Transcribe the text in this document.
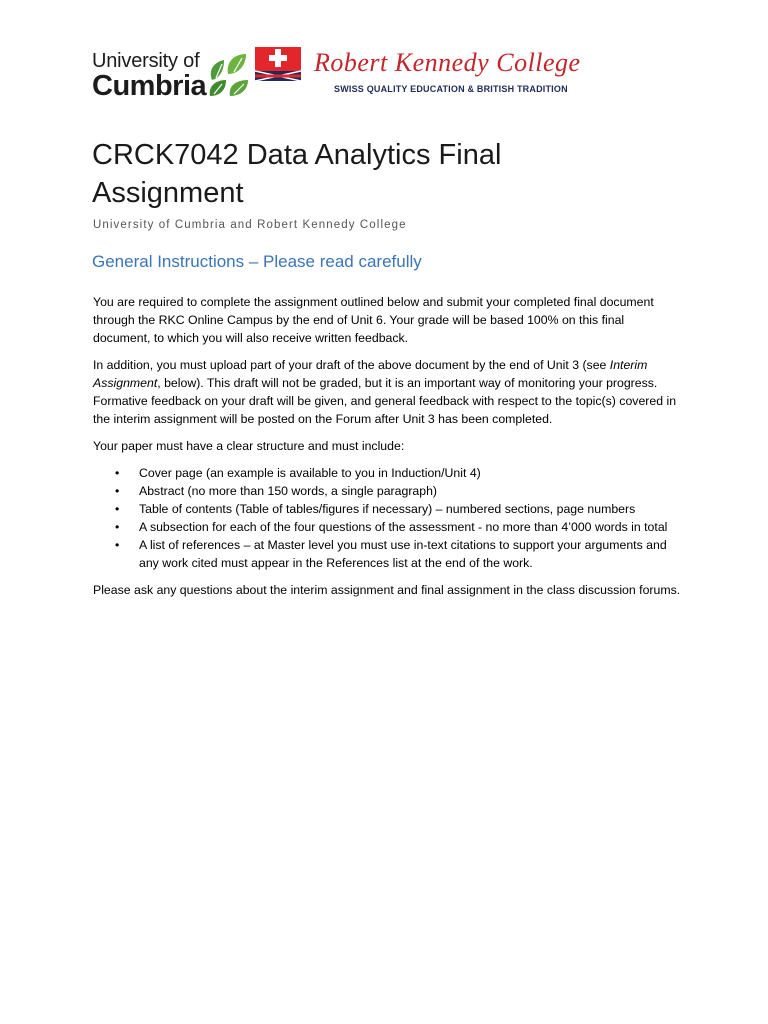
University of
Cumbria
Robert Kennedy College
SWISS QUALITY EDUCATION & BRITISH TRADITION
CRCK7042 Data Analytics Final Assignment

University of Cumbria and Robert Kennedy College

General Instructions – Please read carefully

You are required to complete the assignment outlined below and submit your completed final document through the RKC Online Campus by the end of Unit 6. Your grade will be based 100% on this final document, to which you will also receive written feedback.

In addition, you must upload part of your draft of the above document by the end of Unit 3 (see Interim Assignment, below). This draft will not be graded, but it is an important way of monitoring your progress. Formative feedback on your draft will be given, and general feedback with respect to the topic(s) covered in the interim assignment will be posted on the Forum after Unit 3 has been completed.

Your paper must have a clear structure and must include:

• Cover page (an example is available to you in Induction/Unit 4)
• Abstract (no more than 150 words, a single paragraph)
• Table of contents (Table of tables/figures if necessary) – numbered sections, page numbers
• A subsection for each of the four questions of the assessment - no more than 4’000 words in total
• A list of references – at Master level you must use in-text citations to support your arguments and any work cited must appear in the References list at the end of the work.

Please ask any questions about the interim assignment and final assignment in the class discussion forums.
